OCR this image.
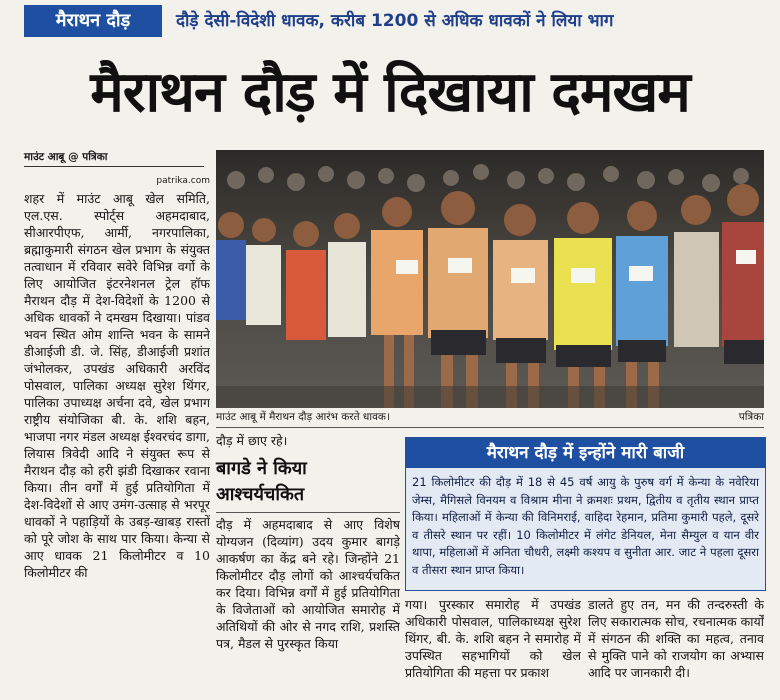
मैराथन दौड़	दौड़े देसी-विदेशी धावक, करीब 1200 से अधिक धावकों ने लिया भाग
मैराथन दौड़ में दिखाया दमखम
माउंट आबू @ पत्रिका
patrika.com
शहर में माउंट आबू खेल समिति, एल.एस. स्पोर्ट्स अहमदाबाद, सीआरपीएफ, आर्मी, नगरपालिका, ब्रह्माकुमारी संगठन खेल प्रभाग के संयुक्त तत्वाधान में रविवार सवेरे विभिन्न वर्गो के लिए आयोजित इंटरनेशनल ट्रेल हॉफ मैराथन दौड़ में देश-विदेशों के 1200 से अधिक धावकों ने दमखम दिखाया। पांडव भवन स्थित ओम शान्ति भवन के सामने डीआईजी डी. जे. सिंह, डीआईजी प्रशांत जंभोलकर, उपखंड अधिकारी अरविंद पोसवाल, पालिका अध्यक्ष सुरेश थिंगर, पालिका उपाध्यक्ष अर्चना दवे, खेल प्रभाग राष्ट्रीय संयोजिका बी. के. शशि बहन, भाजपा नगर मंडल अध्यक्ष ईश्वरचंद डागा, लियास त्रिवेदी आदि ने संयुक्त रूप से मैराथन दौड़ को हरी झंडी दिखाकर रवाना किया। तीन वर्गों में हुई प्रतियोगिता में देश-विदेशों से आए उमंग-उत्साह से भरपूर धावकों ने पहाड़ियों के उबड़-खाबड़ रास्तों को पूरे जोश के साथ पार किया। केन्या से आए धावक 21 किलोमीटर व 10 किलोमीटर की
माउंट आबू में मैराथन दौड़ आरंभ करते धावक।	पत्रिका
दौड़ में छाए रहे।
बागडे ने किया आश्चर्यचकित
दौड़ में अहमदाबाद से आए विशेष योग्यजन (दिव्यांग) उदय कुमार बागड़े आकर्षण का केंद्र बने रहे। जिन्होंने 21 किलोमीटर दौड़ लोगों को आश्चर्यचकित कर दिया। विभिन्न वर्गों में हुई प्रतियोगिता के विजेताओं को आयोजित समारोह में अतिथियों की ओर से नगद राशि, प्रशस्ति पत्र, मैडल से पुरस्कृत किया
मैराथन दौड़ में इन्होंने मारी बाजी
21 किलोमीटर की दौड़ में 18 से 45 वर्ष आयु के पुरुष वर्ग में केन्या के नवेरिया जेम्स, मैगिसले विनयम व विश्राम मीना ने क्रमशः प्रथम, द्वितीय व तृतीय स्थान प्राप्त किया। महिलाओं में केन्या की विनिमराई, वाहिदा रेहमान, प्रतिमा कुमारी पहले, दूसरे व तीसरे स्थान पर रहीं। 10 किलोमीटर में लंगेट डेनियल, मेना सैम्युल व यान वीर थापा, महिलाओं में अनिता चौधरी, लक्ष्मी कश्यप व सुनीता आर. जाट ने पहला दूसरा व तीसरा स्थान प्राप्त किया।
गया। पुरस्कार समारोह में उपखंड अधिकारी पोसवाल, पालिकाध्यक्ष सुरेश थिंगर, बी. के. शशि बहन ने समारोह में उपस्थित सहभागियों को खेल प्रतियोगिता की महत्ता पर प्रकाश
डालते हुए तन, मन की तन्दरुस्ती के लिए सकारात्मक सोच, रचनात्मक कार्यों में संगठन की शक्ति का महत्व, तनाव से मुक्ति पाने को राजयोग का अभ्यास आदि पर जानकारी दी।
